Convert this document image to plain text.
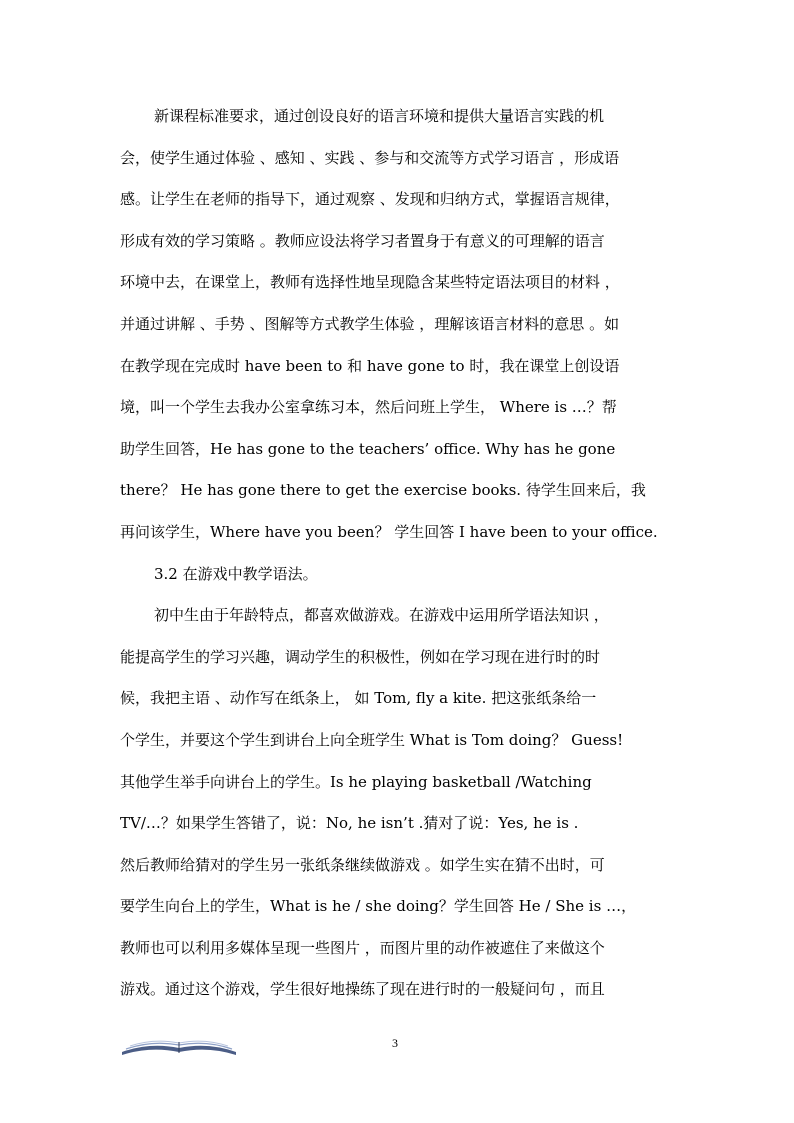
新课程标准要求，通过创设良好的语言环境和提供大量语言实践的机
会，使学生通过体验 、感知 、实践 、参与和交流等方式学习语言 ，形成语
感。让学生在老师的指导下，通过观察 、发现和归纳方式，掌握语言规律，
形成有效的学习策略 。教师应设法将学习者置身于有意义的可理解的语言
环境中去，在课堂上，教师有选择性地呈现隐含某些特定语法项目的材料 ，
并通过讲解 、手势 、图解等方式教学生体验 ，理解该语言材料的意思 。如
在教学现在完成时 have been to 和 have gone to 时，我在课堂上创设语
境，叫一个学生去我办公室拿练习本，然后问班上学生， Where is …？帮
助学生回答，He has gone to the teachers’ office. Why has he gone
there？ He has gone there to get the exercise books. 待学生回来后，我
再问该学生，Where have you been？ 学生回答 I have been to your office.
3.2 在游戏中教学语法。
初中生由于年龄特点，都喜欢做游戏。在游戏中运用所学语法知识 ，
能提高学生的学习兴趣，调动学生的积极性，例如在学习现在进行时的时
候，我把主语 、动作写在纸条上， 如 Tom, fly a kite. 把这张纸条给一
个学生，并要这个学生到讲台上向全班学生 What is Tom doing？ Guess!
其他学生举手向讲台上的学生。Is he playing basketball /Watching
TV/…？如果学生答错了，说：No, he isn’t .猜对了说：Yes, he is .
然后教师给猜对的学生另一张纸条继续做游戏 。如学生实在猜不出时，可
要学生向台上的学生，What is he / she doing？学生回答 He / She is …，
教师也可以利用多媒体呈现一些图片 ，而图片里的动作被遮住了来做这个
游戏。通过这个游戏，学生很好地操练了现在进行时的一般疑问句 ，而且
3
